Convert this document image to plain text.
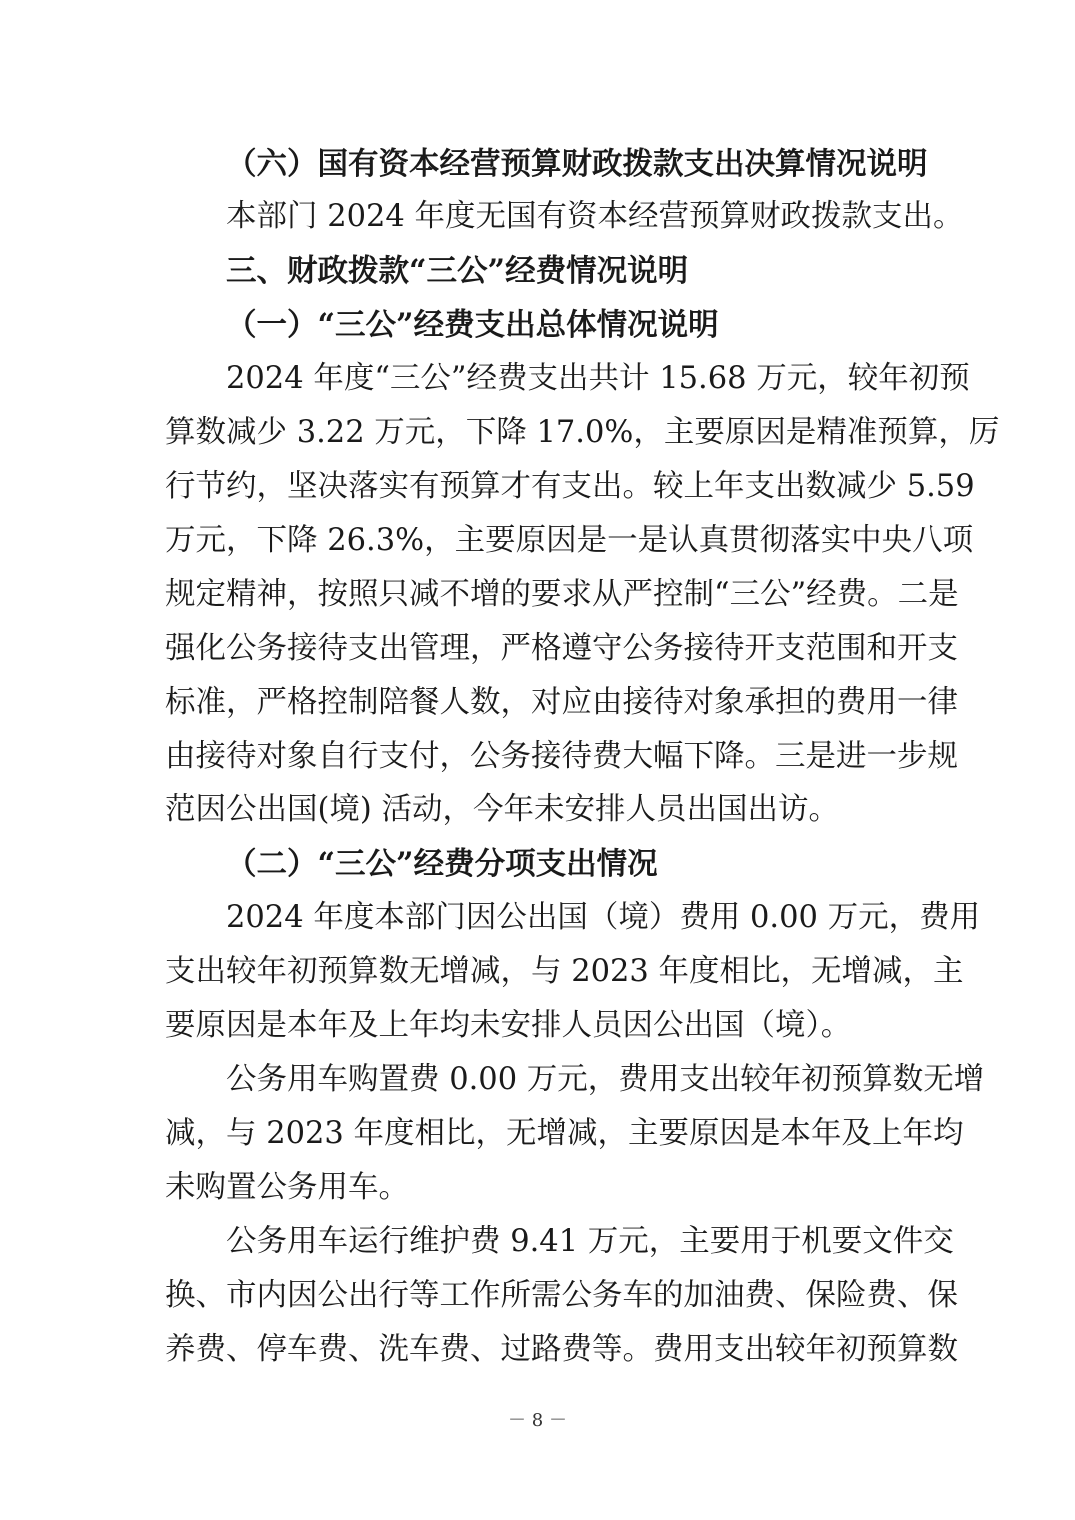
（六）国有资本经营预算财政拨款支出决算情况说明
本部门 2024 年度无国有资本经营预算财政拨款支出。
三、财政拨款“三公”经费情况说明
（一）“三公”经费支出总体情况说明
2024 年度“三公”经费支出共计 15.68 万元，较年初预
算数减少 3.22 万元，下降 17.0%，主要原因是精准预算，厉
行节约，坚决落实有预算才有支出。较上年支出数减少 5.59
万元，下降 26.3%，主要原因是一是认真贯彻落实中央八项
规定精神，按照只减不增的要求从严控制“三公”经费。二是
强化公务接待支出管理，严格遵守公务接待开支范围和开支
标准，严格控制陪餐人数，对应由接待对象承担的费用一律
由接待对象自行支付，公务接待费大幅下降。三是进一步规
范因公出国(境) 活动，今年未安排人员出国出访。
（二）“三公”经费分项支出情况
2024 年度本部门因公出国（境）费用 0.00 万元，费用
支出较年初预算数无增减，与 2023 年度相比，无增减，主
要原因是本年及上年均未安排人员因公出国（境）。
公务用车购置费 0.00 万元，费用支出较年初预算数无增
减，与 2023 年度相比，无增减，主要原因是本年及上年均
未购置公务用车。
公务用车运行维护费 9.41 万元，主要用于机要文件交
换、市内因公出行等工作所需公务车的加油费、保险费、保
养费、停车费、洗车费、过路费等。费用支出较年初预算数
－ 8 －
